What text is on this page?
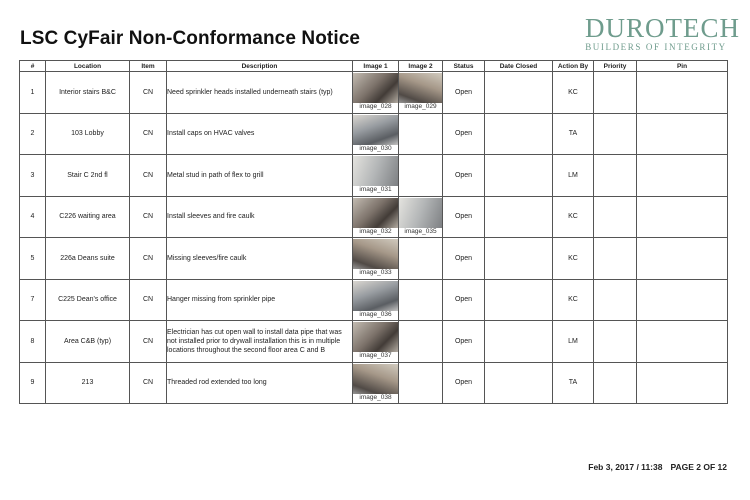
LSC CyFair Non-Conformance Notice	DUROTECH
BUILDERS OF INTEGRITY
#	Location	Item	Description	Image 1	Image 2	Status	Date Closed	Action By	Priority	Pin
1	Interior stairs B&C	CN	Need sprinkler heads installed underneath stairs (typ)	image_028	image_029	Open		KC		
2	103 Lobby	CN	Install caps on HVAC valves	image_030		Open		TA		
3	Stair C 2nd fl	CN	Metal stud in path of flex to grill	image_031		Open		LM		
4	C226 waiting area	CN	Install sleeves and fire caulk	image_032	image_035	Open		KC		
5	226a Deans suite	CN	Missing sleeves/fire caulk	image_033		Open		KC		
7	C225 Dean's office	CN	Hanger missing from sprinkler pipe	image_036		Open		KC		
8	Area C&B (typ)	CN	Electrician has cut open wall to install data pipe that was not installed prior to drywall installation this is in multiple locations throughout the second floor area C and B	image_037		Open		LM		
9	213	CN	Threaded rod extended too long	image_038		Open		TA		
Feb 3, 2017 / 11:38 PAGE 2 OF 12
